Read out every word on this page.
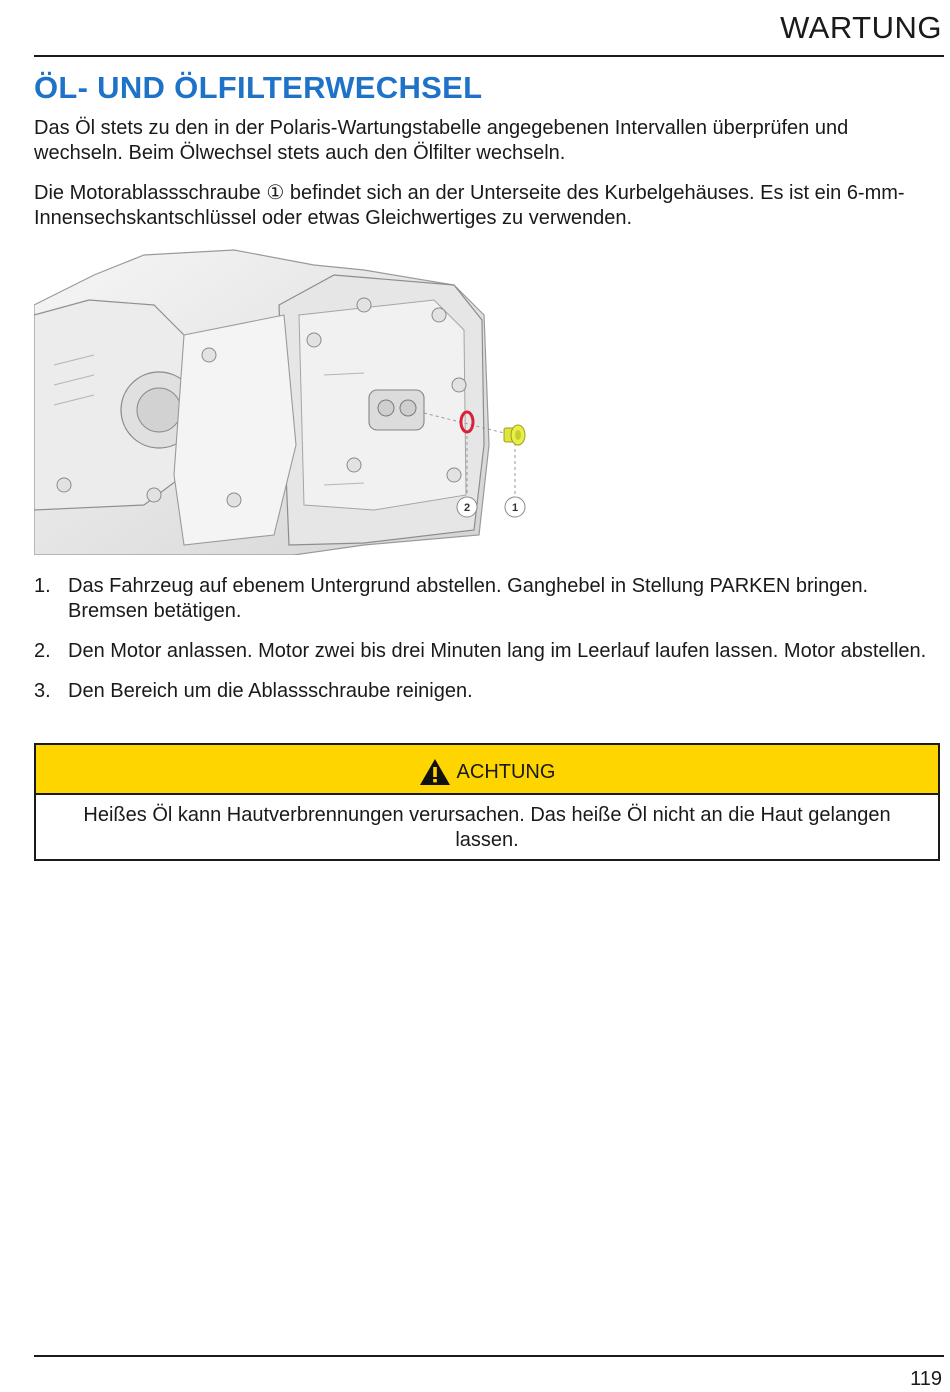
WARTUNG
ÖL- UND ÖLFILTERWECHSEL

Das Öl stets zu den in der Polaris-Wartungstabelle angegebenen Intervallen überprüfen und wechseln. Beim Ölwechsel stets auch den Ölfilter wechseln.

Die Motorablassschraube ① befindet sich an der Unterseite des Kurbelgehäuses. Es ist ein 6-mm-Innensechskantschlüssel oder etwas Gleichwertiges zu verwenden.

2	1
1. Das Fahrzeug auf ebenem Untergrund abstellen. Ganghebel in Stellung PARKEN bringen. Bremsen betätigen.
2. Den Motor anlassen. Motor zwei bis drei Minuten lang im Leerlauf laufen lassen. Motor abstellen.
3. Den Bereich um die Ablassschraube reinigen.
ACHTUNG
Heißes Öl kann Hautverbrennungen verursachen. Das heiße Öl nicht an die Haut gelangen lassen.
119
